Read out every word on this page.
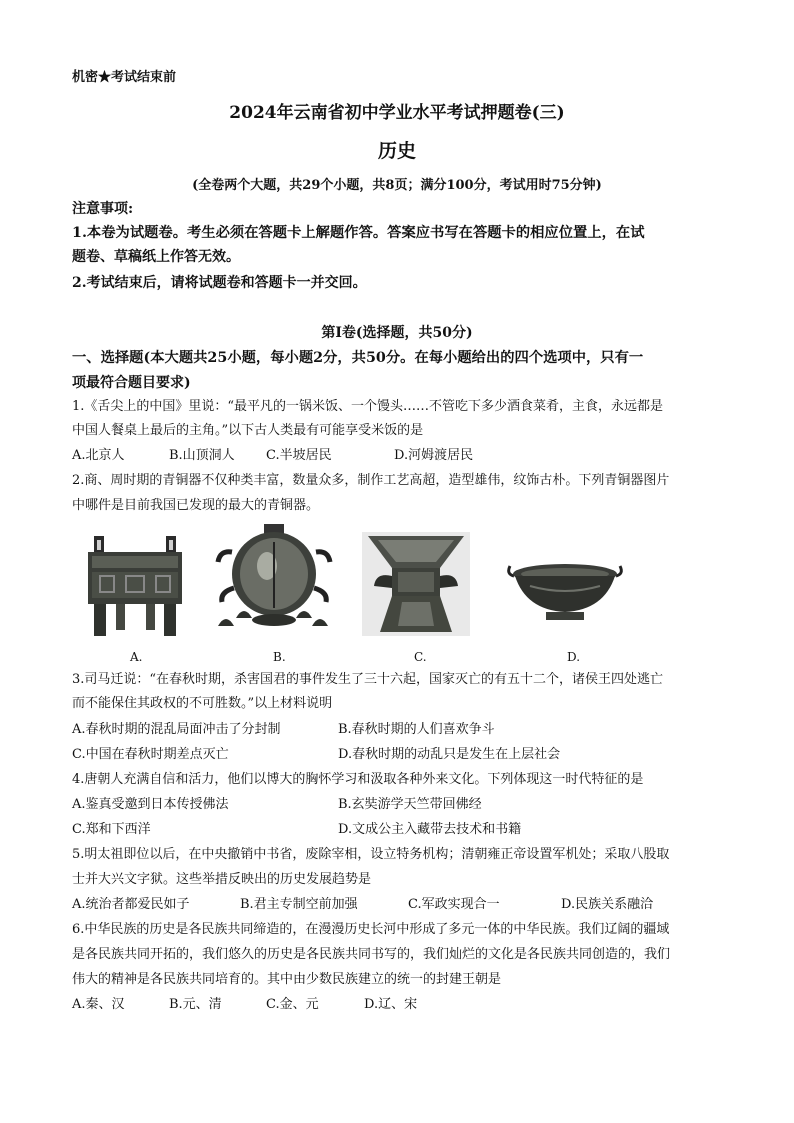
机密★考试结束前
2024年云南省初中学业水平考试押题卷(三)
历史
(全卷两个大题，共29个小题，共8页；满分100分，考试用时75分钟)
注意事项:
1.本卷为试题卷。考生必须在答题卡上解题作答。答案应书写在答题卡的相应位置上，在试
题卷、草稿纸上作答无效。
2.考试结束后，请将试题卷和答题卡一并交回。
第Ⅰ卷(选择题，共50分)
一、选择题(本大题共25小题，每小题2分，共50分。在每小题给出的四个选项中，只有一
项最符合题目要求)
1.《舌尖上的中国》里说：“最平凡的一锅米饭、一个馒头……不管吃下多少酒食菜肴，主食，永远都是
中国人餐桌上最后的主角。”以下古人类最有可能享受米饭的是
A.北京人	B.山顶洞人 C.半坡居民	D.河姆渡居民
2.商、周时期的青铜器不仅种类丰富，数量众多，制作工艺高超，造型雄伟，纹饰古朴。下列青铜器图片
中哪件是目前我国已发现的最大的青铜器。
A.	B.	C.	D.
3.司马迁说：“在春秋时期，杀害国君的事件发生了三十六起，国家灭亡的有五十二个，诸侯王四处逃亡
而不能保住其政权的不可胜数。”以上材料说明
A.春秋时期的混乱局面冲击了分封制	B.春秋时期的人们喜欢争斗
C.中国在春秋时期差点灭亡	D.春秋时期的动乱只是发生在上层社会
4.唐朝人充满自信和活力，他们以博大的胸怀学习和汲取各种外来文化。下列体现这一时代特征的是
A.鉴真受邀到日本传授佛法	B.玄奘游学天竺带回佛经
C.郑和下西洋	D.文成公主入藏带去技术和书籍
5.明太祖即位以后，在中央撤销中书省，废除宰相，设立特务机构；清朝雍正帝设置军机处；采取八股取
士并大兴文字狱。这些举措反映出的历史发展趋势是
A.统治者都爱民如子	B.君主专制空前加强	C.军政实现合一	D.民族关系融洽
6.中华民族的历史是各民族共同缔造的，在漫漫历史长河中形成了多元一体的中华民族。我们辽阔的疆域
是各民族共同开拓的，我们悠久的历史是各民族共同书写的，我们灿烂的文化是各民族共同创造的，我们
伟大的精神是各民族共同培育的。其中由少数民族建立的统一的封建王朝是
A.秦、汉	B.元、清	C.金、元	D.辽、宋
